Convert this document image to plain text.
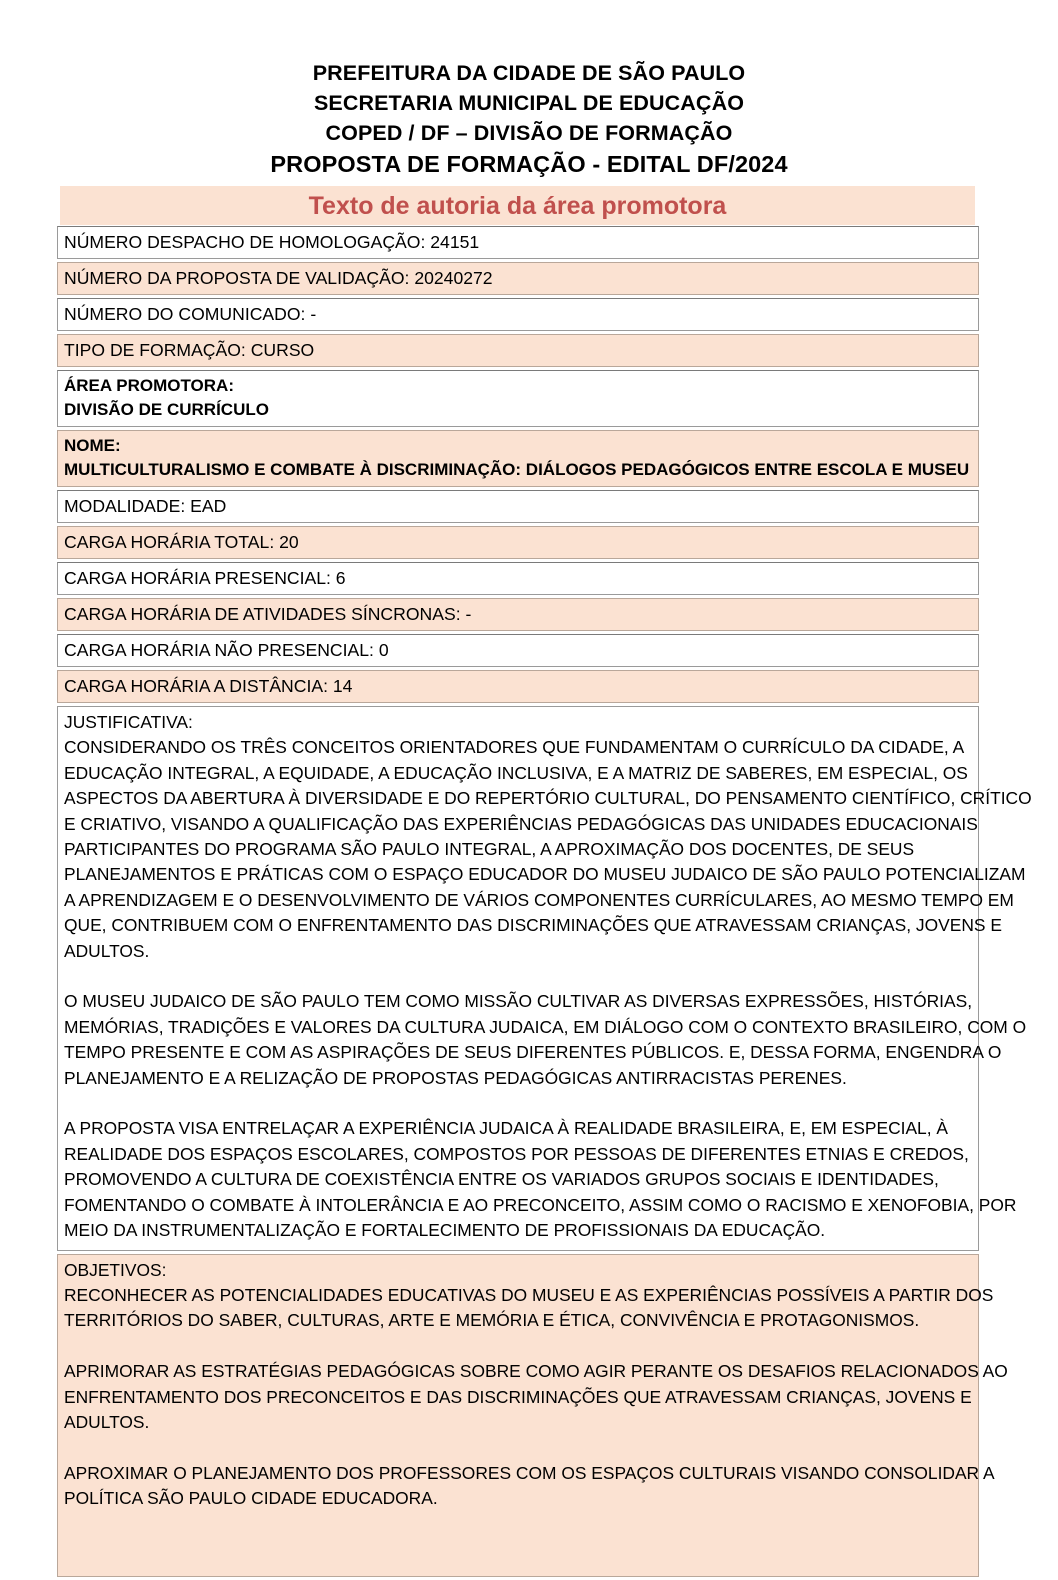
PREFEITURA DA CIDADE DE SÃO PAULO
SECRETARIA MUNICIPAL DE EDUCAÇÃO
COPED / DF – DIVISÃO DE FORMAÇÃO
PROPOSTA DE FORMAÇÃO - EDITAL DF/2024
Texto de autoria da área promotora
NÚMERO DESPACHO DE HOMOLOGAÇÃO: 24151
NÚMERO DA PROPOSTA DE VALIDAÇÃO: 20240272
NÚMERO DO COMUNICADO: -
TIPO DE FORMAÇÃO: CURSO
ÁREA PROMOTORA:
DIVISÃO DE CURRÍCULO
NOME:
MULTICULTURALISMO E COMBATE À DISCRIMINAÇÃO: DIÁLOGOS PEDAGÓGICOS ENTRE ESCOLA E MUSEU
MODALIDADE: EAD
CARGA HORÁRIA TOTAL: 20
CARGA HORÁRIA PRESENCIAL: 6
CARGA HORÁRIA DE ATIVIDADES SÍNCRONAS: -
CARGA HORÁRIA NÃO PRESENCIAL: 0
CARGA HORÁRIA A DISTÂNCIA: 14

JUSTIFICATIVA:

CONSIDERANDO OS TRÊS CONCEITOS ORIENTADORES QUE FUNDAMENTAM O CURRÍCULO DA CIDADE, A
EDUCAÇÃO INTEGRAL, A EQUIDADE, A EDUCAÇÃO INCLUSIVA, E A MATRIZ DE SABERES, EM ESPECIAL, OS
ASPECTOS DA ABERTURA À DIVERSIDADE E DO REPERTÓRIO CULTURAL, DO PENSAMENTO CIENTÍFICO, CRÍTICO
E CRIATIVO, VISANDO A QUALIFICAÇÃO DAS EXPERIÊNCIAS PEDAGÓGICAS DAS UNIDADES EDUCACIONAIS
PARTICIPANTES DO PROGRAMA SÃO PAULO INTEGRAL, A APROXIMAÇÃO DOS DOCENTES, DE SEUS
PLANEJAMENTOS E PRÁTICAS COM O ESPAÇO EDUCADOR DO MUSEU JUDAICO DE SÃO PAULO POTENCIALIZAM
A APRENDIZAGEM E O DESENVOLVIMENTO DE VÁRIOS COMPONENTES CURRÍCULARES, AO MESMO TEMPO EM
QUE, CONTRIBUEM COM O ENFRENTAMENTO DAS DISCRIMINAÇÕES QUE ATRAVESSAM CRIANÇAS, JOVENS E
ADULTOS.

O MUSEU JUDAICO DE SÃO PAULO TEM COMO MISSÃO CULTIVAR AS DIVERSAS EXPRESSÕES, HISTÓRIAS,
MEMÓRIAS, TRADIÇÕES E VALORES DA CULTURA JUDAICA, EM DIÁLOGO COM O CONTEXTO BRASILEIRO, COM O
TEMPO PRESENTE E COM AS ASPIRAÇÕES DE SEUS DIFERENTES PÚBLICOS. E, DESSA FORMA, ENGENDRA O
PLANEJAMENTO E A RELIZAÇÃO DE PROPOSTAS PEDAGÓGICAS ANTIRRACISTAS PERENES.

A PROPOSTA VISA ENTRELAÇAR A EXPERIÊNCIA JUDAICA À REALIDADE BRASILEIRA, E, EM ESPECIAL, À
REALIDADE DOS ESPAÇOS ESCOLARES, COMPOSTOS POR PESSOAS DE DIFERENTES ETNIAS E CREDOS,
PROMOVENDO A CULTURA DE COEXISTÊNCIA ENTRE OS VARIADOS GRUPOS SOCIAIS E IDENTIDADES,
FOMENTANDO O COMBATE À INTOLERÂNCIA E AO PRECONCEITO, ASSIM COMO O RACISMO E XENOFOBIA, POR
MEIO DA INSTRUMENTALIZAÇÃO E FORTALECIMENTO DE PROFISSIONAIS DA EDUCAÇÃO.

OBJETIVOS:

RECONHECER AS POTENCIALIDADES EDUCATIVAS DO MUSEU E AS EXPERIÊNCIAS POSSÍVEIS A PARTIR DOS
TERRITÓRIOS DO SABER, CULTURAS, ARTE E MEMÓRIA E ÉTICA, CONVIVÊNCIA E PROTAGONISMOS.

APRIMORAR AS ESTRATÉGIAS PEDAGÓGICAS SOBRE COMO AGIR PERANTE OS DESAFIOS RELACIONADOS AO
ENFRENTAMENTO DOS PRECONCEITOS E DAS DISCRIMINAÇÕES QUE ATRAVESSAM CRIANÇAS, JOVENS E
ADULTOS.

APROXIMAR O PLANEJAMENTO DOS PROFESSORES COM OS ESPAÇOS CULTURAIS VISANDO CONSOLIDAR A
POLÍTICA SÃO PAULO CIDADE EDUCADORA.
